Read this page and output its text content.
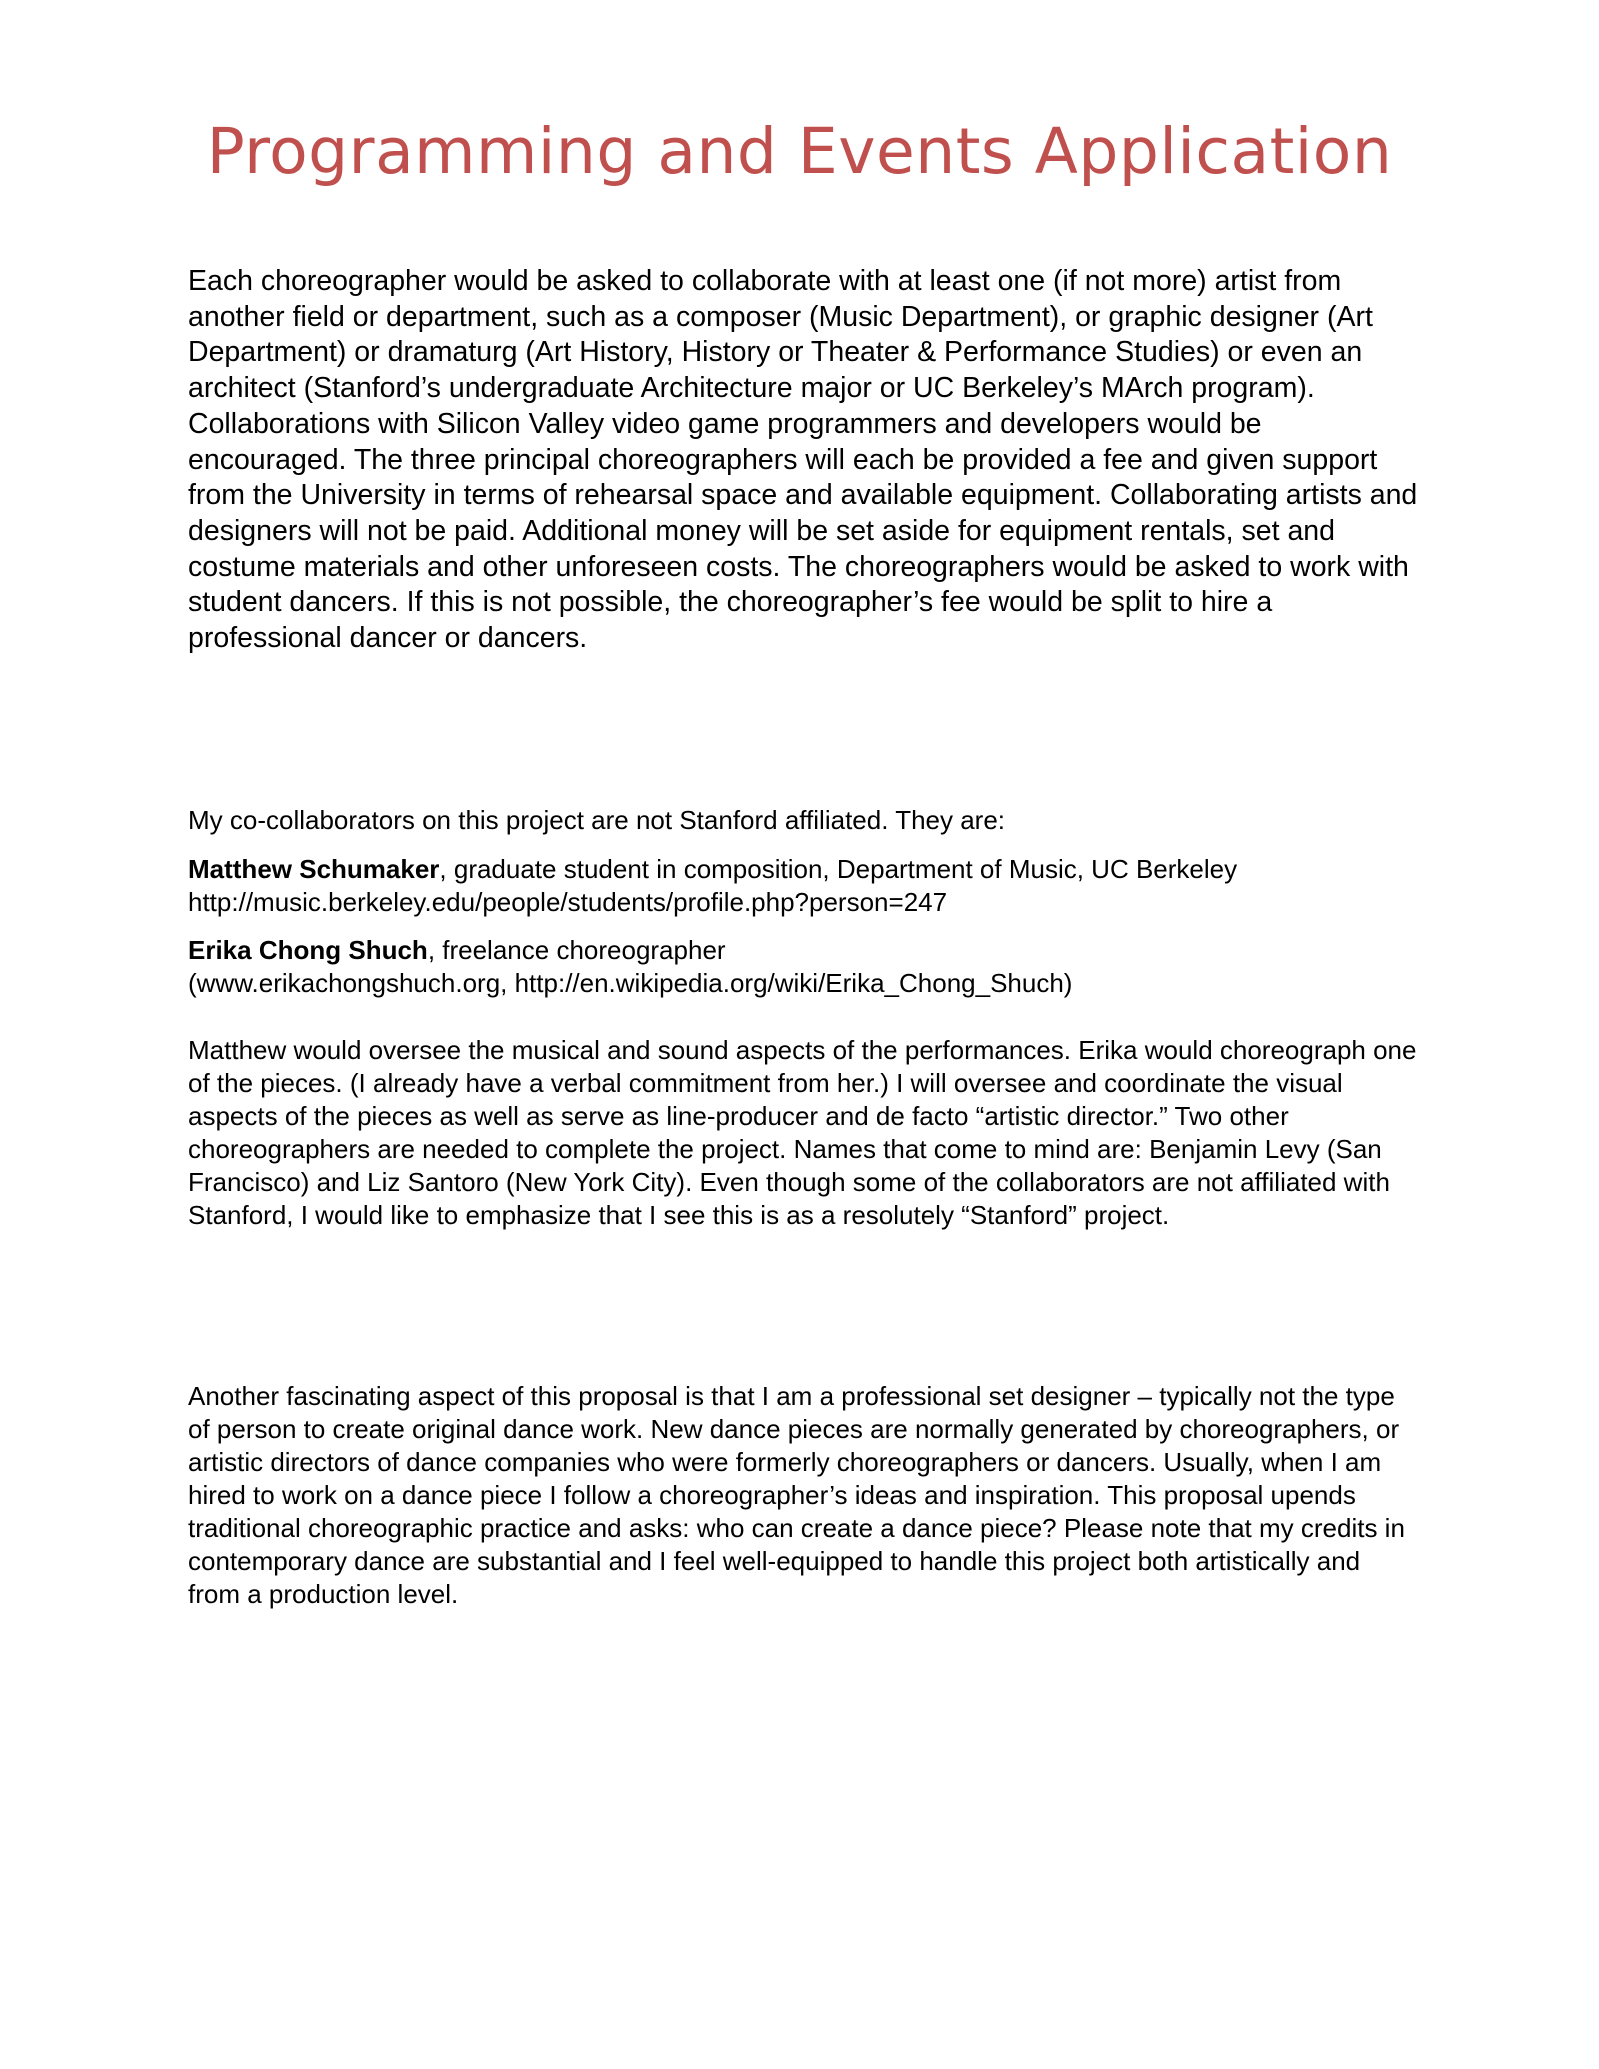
Programming and Events Application

Each choreographer would be asked to collaborate with at least one (if not more) artist from another field or department, such as a composer (Music Department), or graphic designer (Art Department) or dramaturg (Art History, History or Theater & Performance Studies) or even an architect (Stanford’s undergraduate Architecture major or UC Berkeley’s MArch program). Collaborations with Silicon Valley video game programmers and developers would be encouraged. The three principal choreographers will each be provided a fee and given support from the University in terms of rehearsal space and available equipment. Collaborating artists and designers will not be paid. Additional money will be set aside for equipment rentals, set and costume materials and other unforeseen costs. The choreographers would be asked to work with student dancers. If this is not possible, the choreographer’s fee would be split to hire a professional dancer or dancers.

My co-collaborators on this project are not Stanford affiliated. They are:

Matthew Schumaker, graduate student in composition, Department of Music, UC Berkeley
http://music.berkeley.edu/people/students/profile.php?person=247
Erika Chong Shuch, freelance choreographer
(www.erikachongshuch.org, http://en.wikipedia.org/wiki/Erika_Chong_Shuch)

Matthew would oversee the musical and sound aspects of the performances. Erika would choreograph one of the pieces. (I already have a verbal commitment from her.) I will oversee and coordinate the visual aspects of the pieces as well as serve as line-producer and de facto “artistic director.” Two other choreographers are needed to complete the project. Names that come to mind are: Benjamin Levy (San Francisco) and Liz Santoro (New York City). Even though some of the collaborators are not affiliated with Stanford, I would like to emphasize that I see this is as a resolutely “Stanford” project.

Another fascinating aspect of this proposal is that I am a professional set designer – typically not the type of person to create original dance work. New dance pieces are normally generated by choreographers, or artistic directors of dance companies who were formerly choreographers or dancers. Usually, when I am hired to work on a dance piece I follow a choreographer’s ideas and inspiration. This proposal upends traditional choreographic practice and asks: who can create a dance piece? Please note that my credits in contemporary dance are substantial and I feel well-equipped to handle this project both artistically and from a production level.
